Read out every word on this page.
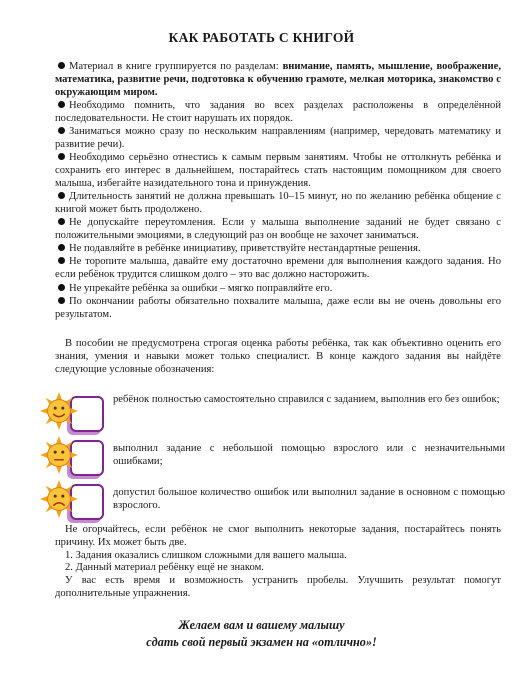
КАК РАБОТАТЬ С КНИГОЙ

Материал в книге группируется по разделам: внимание, память, мышление, воображение, математика, развитие речи, подготовка к обучению грамоте, мелкая моторика, знакомство с окружающим миром.

Необходимо помнить, что задания во всех разделах расположены в определённой последовательности. Не стоит нарушать их порядок.

Заниматься можно сразу по нескольким направлениям (например, чередовать математику и развитие речи).

Необходимо серьёзно отнестись к самым первым занятиям. Чтобы не оттолкнуть ребёнка и сохранить его интерес в дальнейшем, постарайтесь стать настоящим помощником для своего малыша, избегайте назидательного тона и принуждения.

Длительность занятий не должна превышать 10–15 минут, но по желанию ребёнка общение с книгой может быть продолжено.

Не допускайте переутомления. Если у малыша выполнение заданий не будет связано с положительными эмоциями, в следующий раз он вообще не захочет заниматься.

Не подавляйте в ребёнке инициативу, приветствуйте нестандартные решения.

Не торопите малыша, давайте ему достаточно времени для выполнения каждого задания. Но если ребёнок трудится слишком долго – это вас должно насторожить.

Не упрекайте ребёнка за ошибки – мягко поправляйте его.

По окончании работы обязательно похвалите малыша, даже если вы не очень довольны его результатом.

В пособии не предусмотрена строгая оценка работы ребёнка, так как объективно оценить его знания, умения и навыки может только специалист. В конце каждого задания вы найдёте следующие условные обозначения:
ребёнок полностью самостоятельно справился с заданием, выполнив его без ошибок;
выполнил задание с небольшой помощью взрослого или с незначительными ошибками;
допустил большое количество ошибок или выполнил задание в основном с помощью взрослого.

Не огорчайтесь, если ребёнок не смог выполнить некоторые задания, постарайтесь понять причину. Их может быть две.

1. Задания оказались слишком сложными для вашего малыша.

2. Данный материал ребёнку ещё не знаком.

У вас есть время и возможность устранить пробелы. Улучшить результат помогут дополнительные упражнения.

Желаем вам и вашему малышу
сдать свой первый экзамен на «отлично»!
